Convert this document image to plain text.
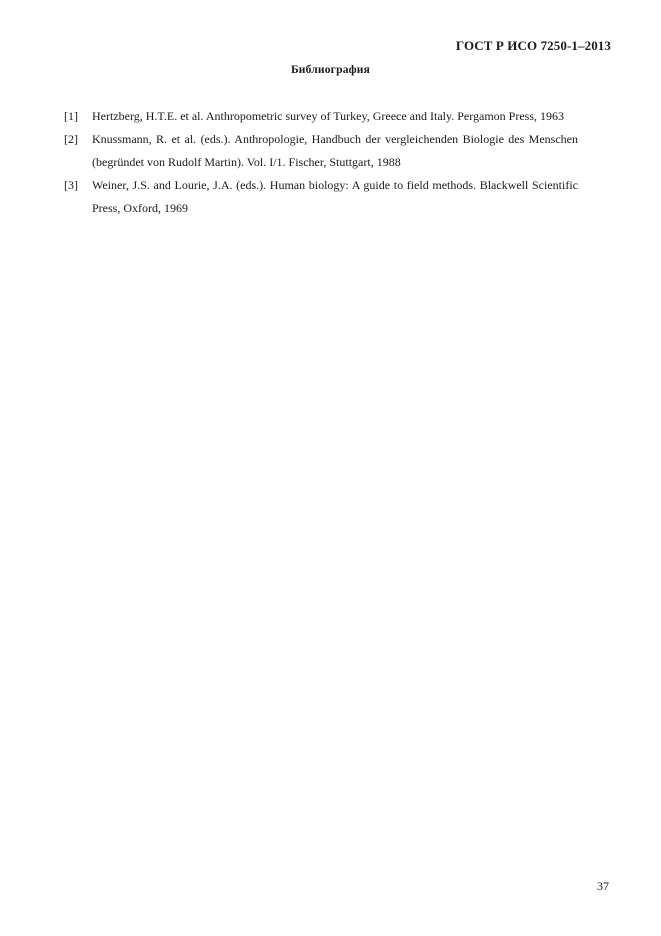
ГОСТ Р ИСО 7250-1–2013
Библиография
[1]	Hertzberg, H.T.E. et al. Anthropometric survey of Turkey, Greece and Italy. Pergamon Press, 1963
[2]	Knussmann, R. et al. (eds.). Anthropologie, Handbuch der vergleichenden Biologie des Menschen (begründet von Rudolf Martin). Vol. I/1. Fischer, Stuttgart, 1988
[3]	Weiner, J.S. and Lourie, J.A. (eds.). Human biology: A guide to field methods. Blackwell Scientific Press, Oxford, 1969
37
